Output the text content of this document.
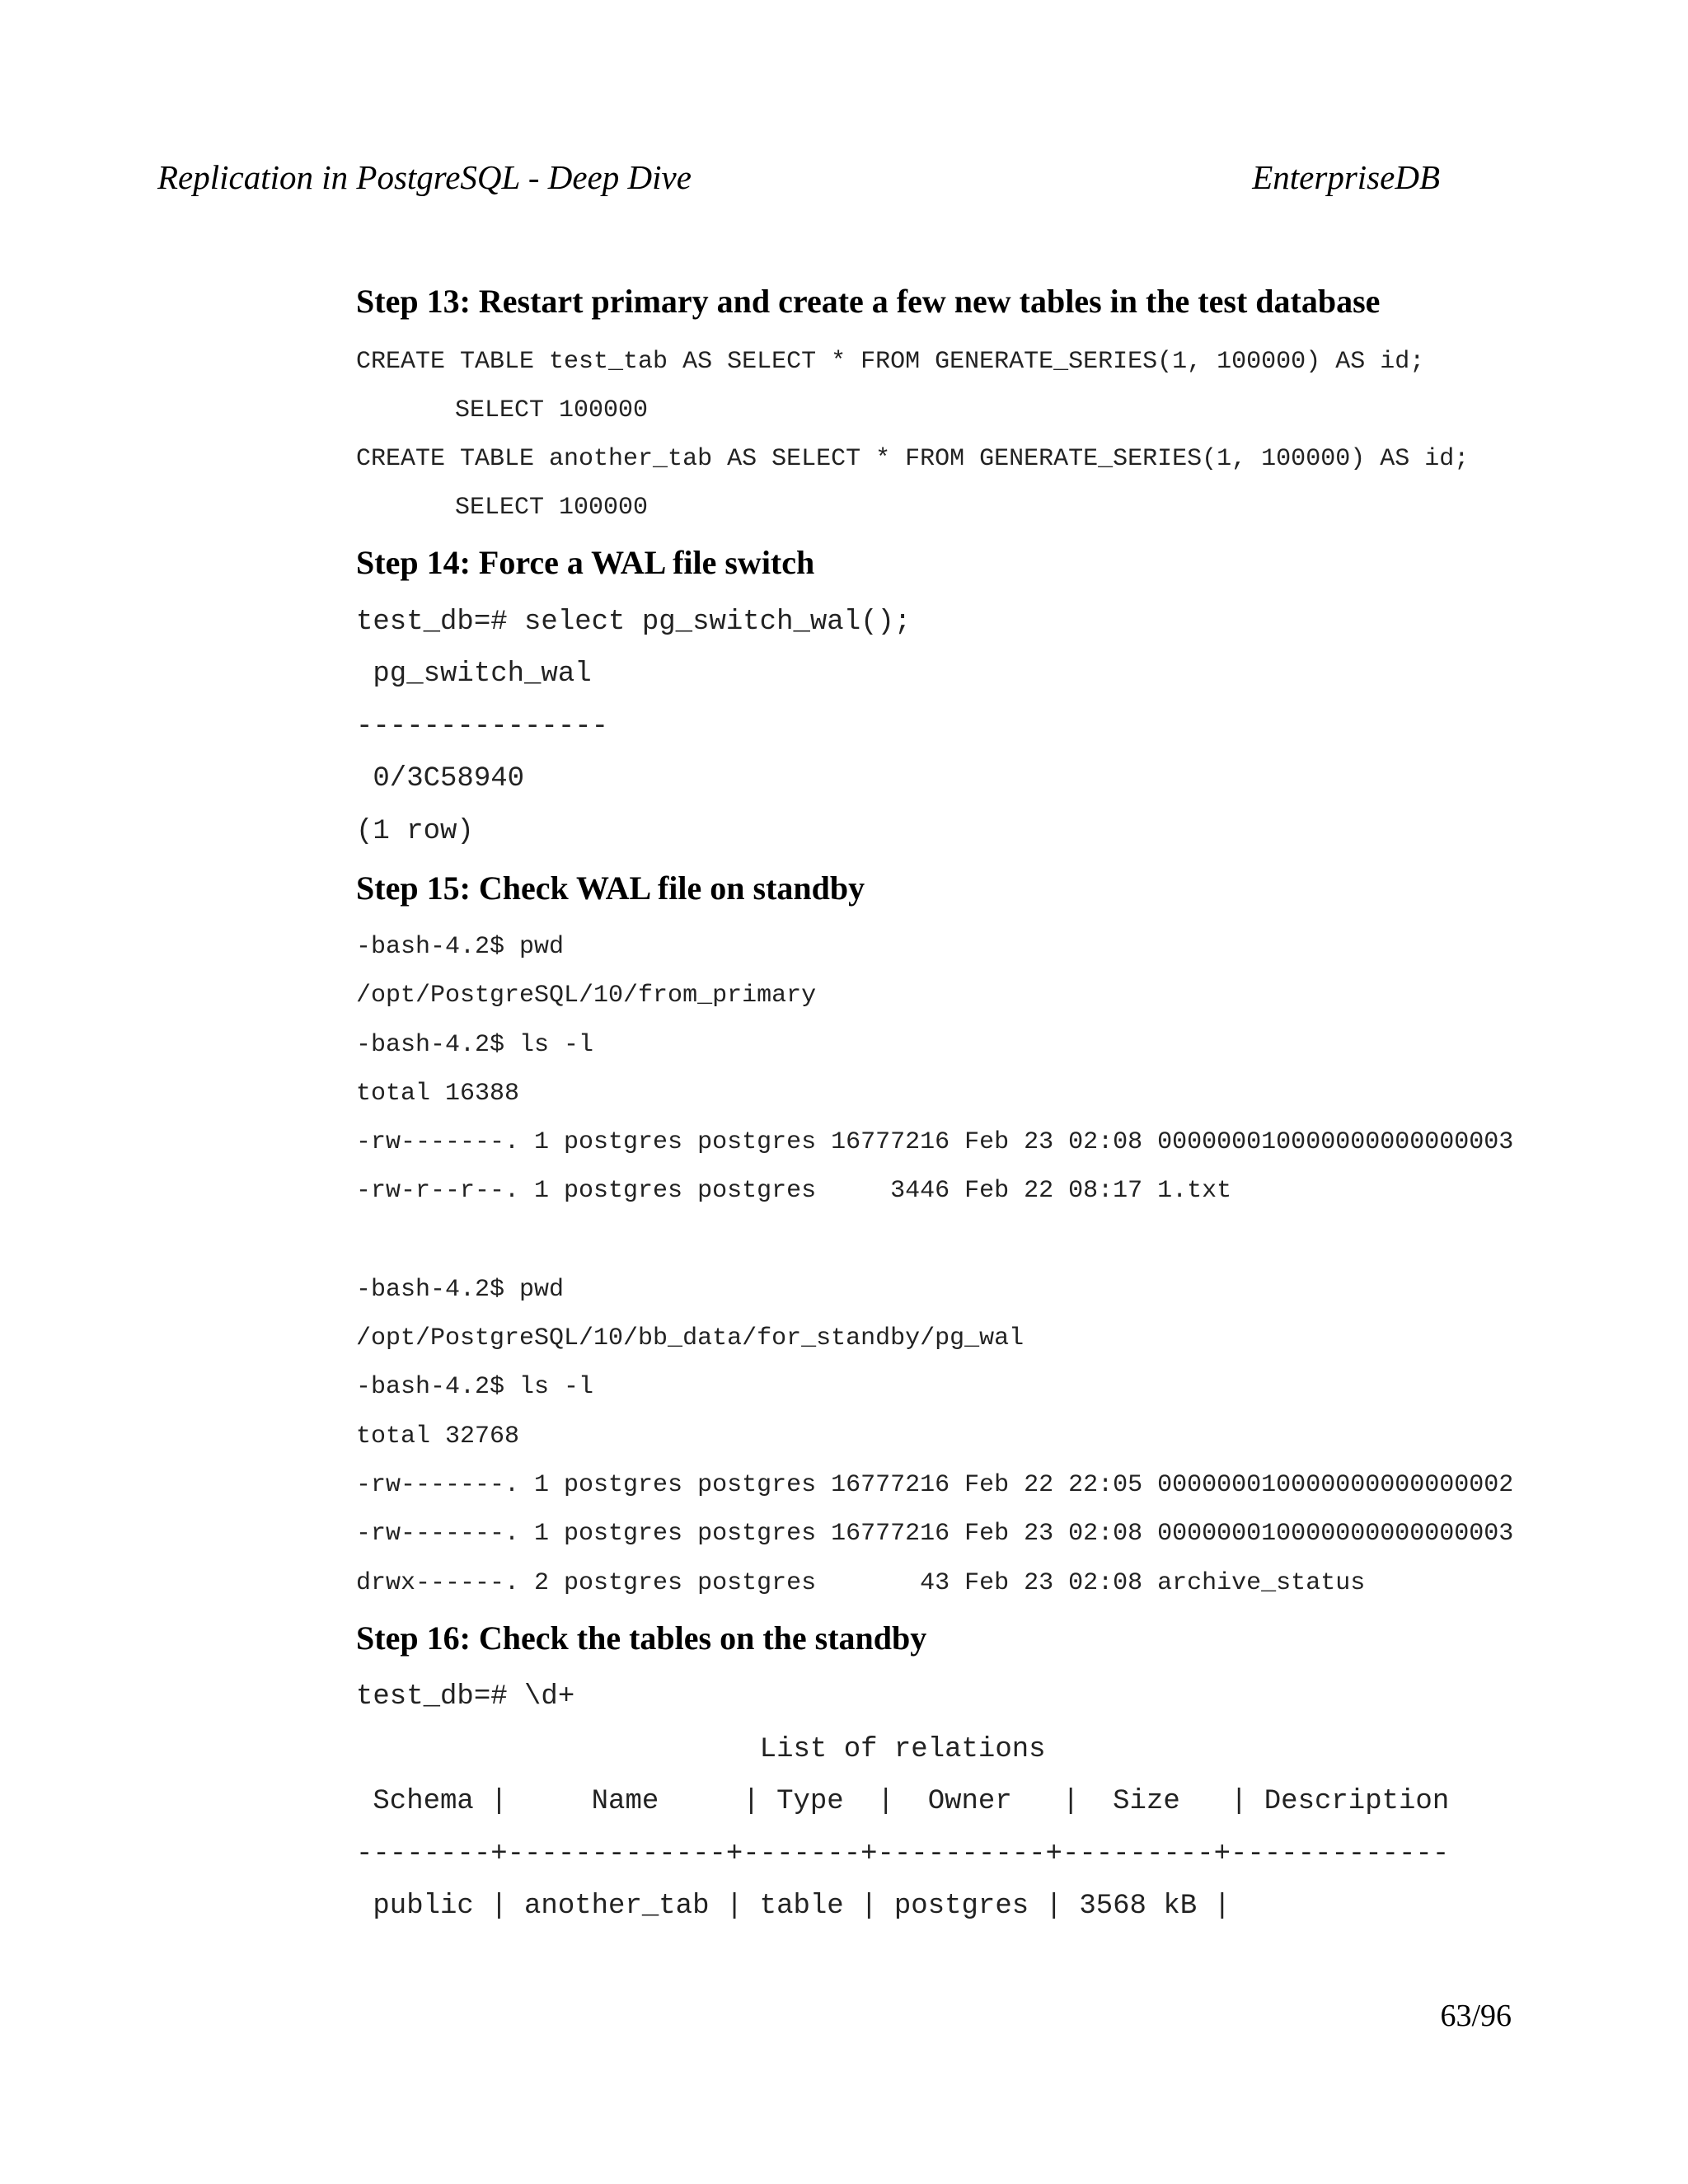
Replication in PostgreSQL - Deep Dive	EnterpriseDB
Step 13: Restart primary and create a few new tables in the test database
CREATE TABLE test_tab AS SELECT * FROM GENERATE_SERIES(1, 100000) AS id;
SELECT 100000
CREATE TABLE another_tab AS SELECT * FROM GENERATE_SERIES(1, 100000) AS id;
SELECT 100000
Step 14: Force a WAL file switch
test_db=# select pg_switch_wal();
pg_switch_wal
---------------
0/3C58940
(1 row)
Step 15: Check WAL file on standby
-bash-4.2$ pwd
/opt/PostgreSQL/10/from_primary
-bash-4.2$ ls -l
total 16388
-rw-------. 1 postgres postgres 16777216 Feb 23 02:08 000000010000000000000003
-rw-r--r--. 1 postgres postgres     3446 Feb 22 08:17 1.txt
-bash-4.2$ pwd
/opt/PostgreSQL/10/bb_data/for_standby/pg_wal
-bash-4.2$ ls -l
total 32768
-rw-------. 1 postgres postgres 16777216 Feb 22 22:05 000000010000000000000002
-rw-------. 1 postgres postgres 16777216 Feb 23 02:08 000000010000000000000003
drwx------. 2 postgres postgres       43 Feb 23 02:08 archive_status
Step 16: Check the tables on the standby
test_db=# \d+
List of relations
Schema |     Name     | Type  |  Owner   |  Size   | Description
--------+-------------+-------+----------+---------+-------------
public | another_tab | table | postgres | 3568 kB |
63/96
